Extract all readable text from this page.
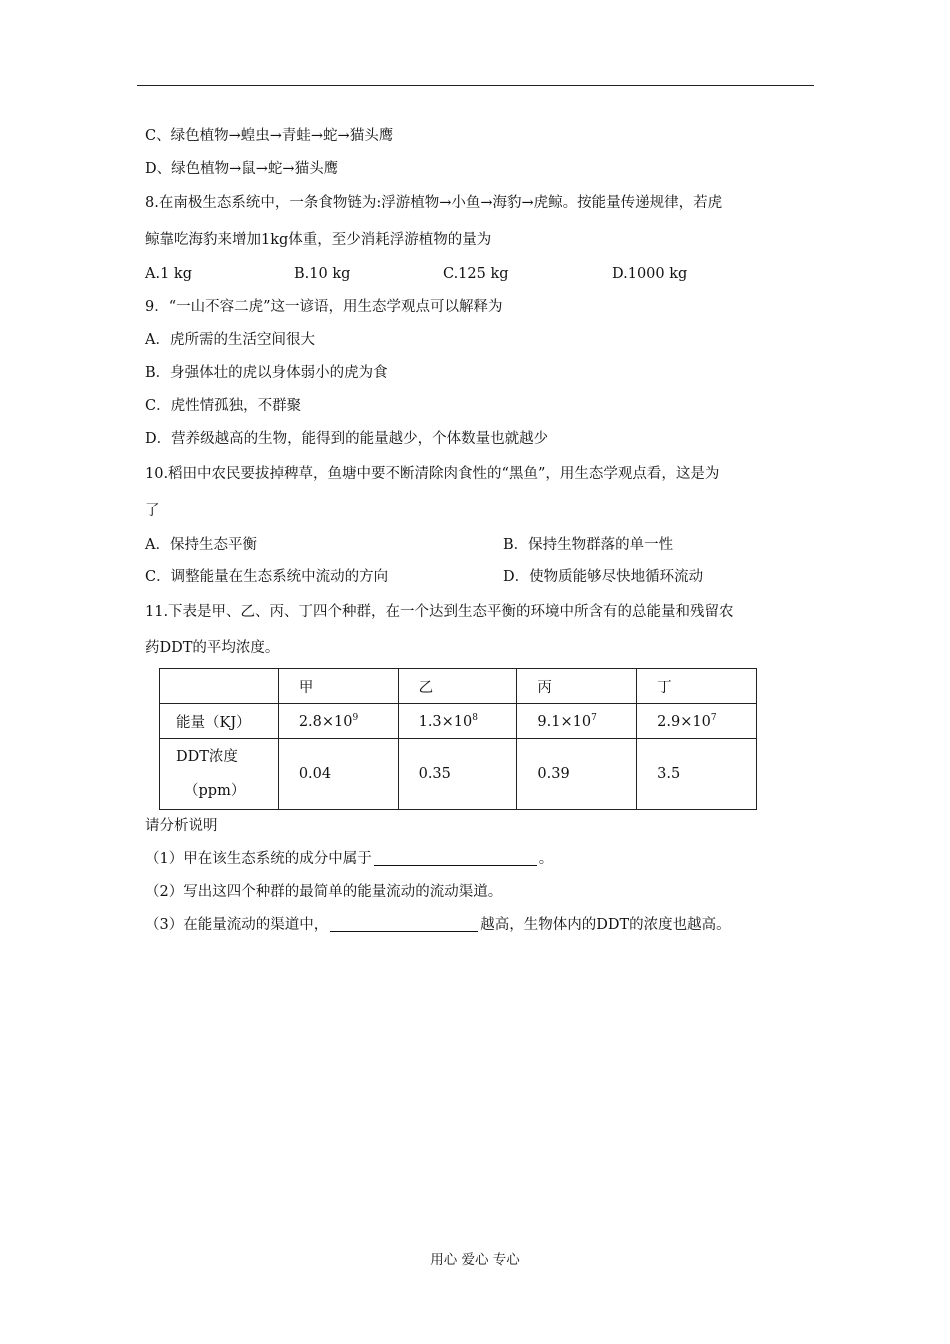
C、绿色植物→蝗虫→青蛙→蛇→猫头鹰
D、绿色植物→鼠→蛇→猫头鹰
8.在南极生态系统中，一条食物链为:浮游植物→小鱼→海豹→虎鲸。按能量传递规律，若虎
鲸靠吃海豹来增加1kg体重，至少消耗浮游植物的量为
A.1 kg	B.10 kg	C.125 kg	D.1000 kg
9．“一山不容二虎”这一谚语，用生态学观点可以解释为
A．虎所需的生活空间很大
B．身强体壮的虎以身体弱小的虎为食
C．虎性情孤独，不群聚
D．营养级越高的生物，能得到的能量越少，个体数量也就越少
10.稻田中农民要拔掉稗草，鱼塘中要不断清除肉食性的“黑鱼”，用生态学观点看，这是为
了
A．保持生态平衡	B．保持生物群落的单一性
C．调整能量在生态系统中流动的方向	D．使物质能够尽快地循环流动
11.下表是甲、乙、丙、丁四个种群，在一个达到生态平衡的环境中所含有的总能量和残留农
药DDT的平均浓度。
	甲	乙	丙	丁
能量（KJ）	$2.8\times 10^9$	$1.3\times 10^8$	$9.1\times 10^7$	$2.9\times 10^7$

DDT浓度
（ppm）	0.04	0.35	0.39	3.5
请分析说明
（1）甲在该生态系统的成分中属于	。
（2）写出这四个种群的最简单的能量流动的流动渠道。
（3）在能量流动的渠道中，	越高，生物体内的DDT的浓度也越高。
用心 爱心 专心
